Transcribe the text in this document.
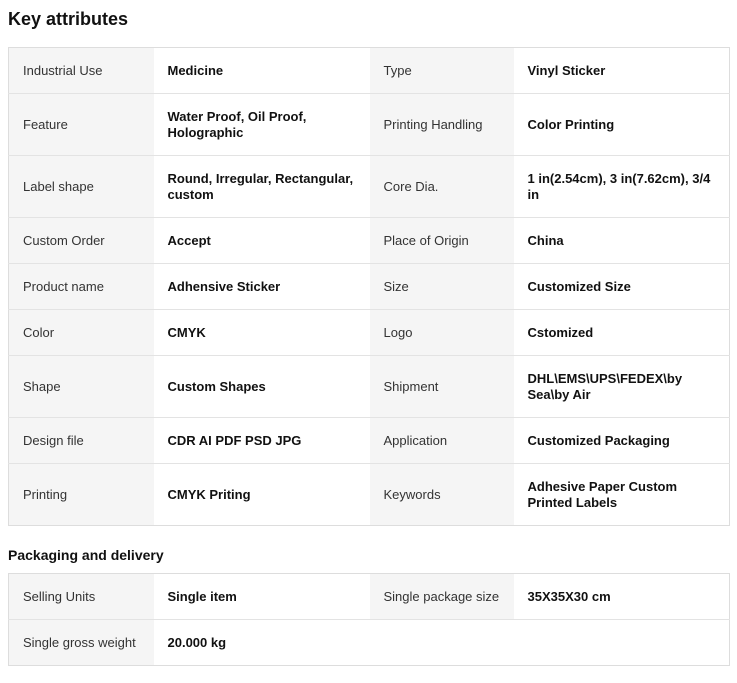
Key attributes
Industrial Use	Medicine	Type	Vinyl Sticker
Feature	Water Proof, Oil Proof, Holographic	Printing Handling	Color Printing
Label shape	Round, Irregular, Rectangular, custom	Core Dia.	1 in(2.54cm), 3 in(7.62cm), 3/4 in
Custom Order	Accept	Place of Origin	China
Product name	Adhensive Sticker	Size	Customized Size
Color	CMYK	Logo	Cstomized
Shape	Custom Shapes	Shipment	DHL\EMS\UPS\FEDEX\by Sea\by Air
Design file	CDR AI PDF PSD JPG	Application	Customized Packaging
Printing	CMYK Priting	Keywords	Adhesive Paper Custom Printed Labels
Packaging and delivery
Selling Units	Single item	Single package size	35X35X30 cm
Single gross weight	20.000 kg		
